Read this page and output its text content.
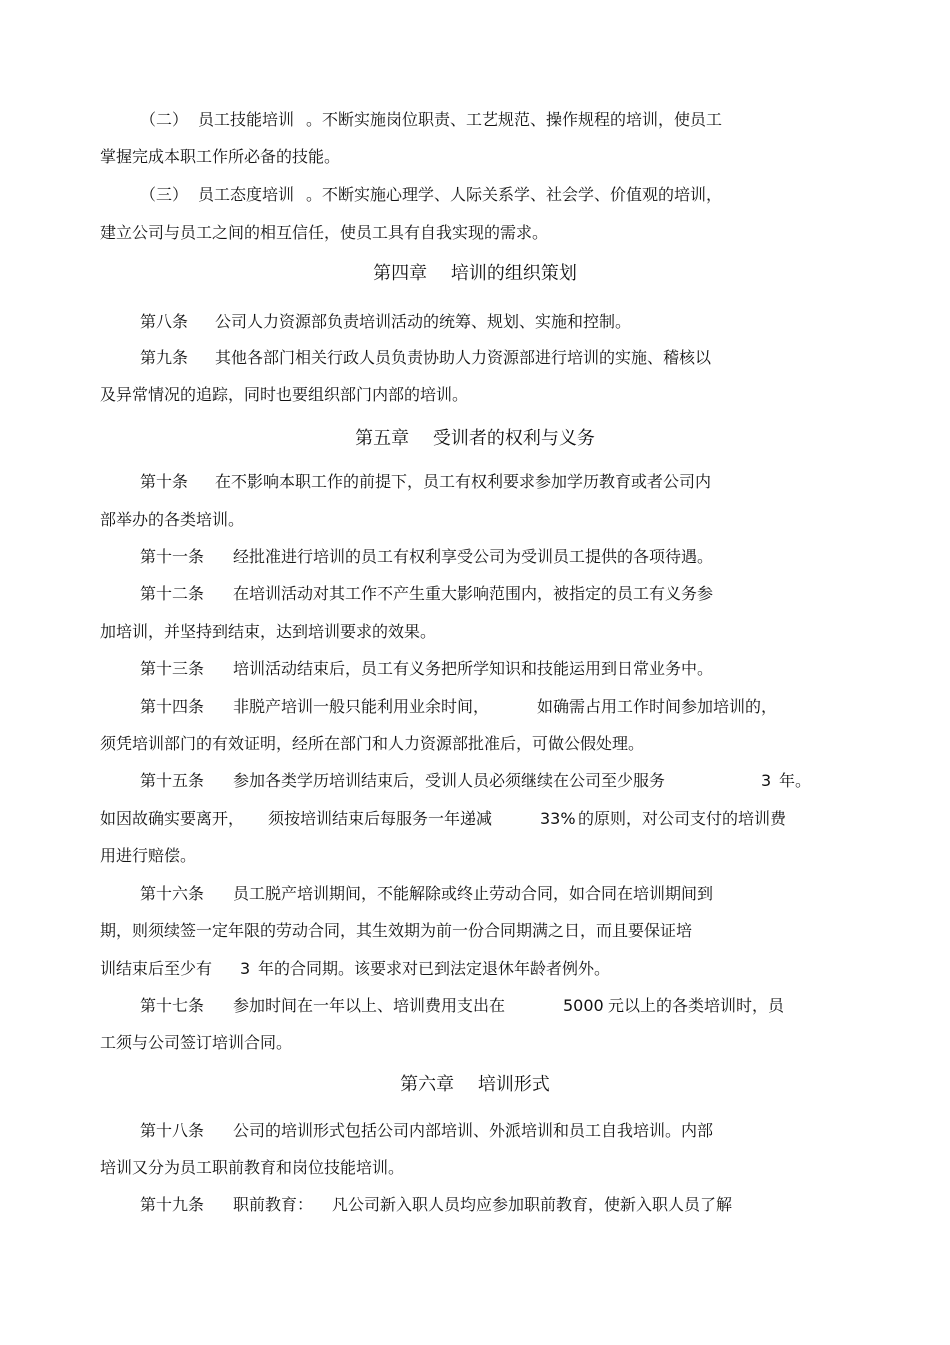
（二） 员工技能培训 。不断实施岗位职责、工艺规范、操作规程的培训，使员工
掌握完成本职工作所必备的技能。
（三） 员工态度培训 。不断实施心理学、人际关系学、社会学、价值观的培训，
建立公司与员工之间的相互信任，使员工具有自我实现的需求。
第四章　 培训的组织策划
第八条 公司人力资源部负责培训活动的统筹、规划、实施和控制。
第九条 其他各部门相关行政人员负责协助人力资源部进行培训的实施、稽核以
及异常情况的追踪，同时也要组织部门内部的培训。
第五章　 受训者的权利与义务
第十条 在不影响本职工作的前提下，员工有权利要求参加学历教育或者公司内
部举办的各类培训。
第十一条 经批准进行培训的员工有权利享受公司为受训员工提供的各项待遇。
第十二条 在培训活动对其工作不产生重大影响范围内，被指定的员工有义务参
加培训，并坚持到结束，达到培训要求的效果。
第十三条 培训活动结束后，员工有义务把所学知识和技能运用到日常业务中。
第十四条 非脱产培训一般只能利用业余时间，	如确需占用工作时间参加培训的，
须凭培训部门的有效证明，经所在部门和人力资源部批准后，可做公假处理。
第十五条 参加各类学历培训结束后，受训人员必须继续在公司至少服务	3 年。
如因故确实要离开， 须按培训结束后每服务一年递减	33% 的原则，对公司支付的培训费
用进行赔偿。
第十六条 员工脱产培训期间，不能解除或终止劳动合同，如合同在培训期间到
期，则须续签一定年限的劳动合同，其生效期为前一份合同期满之日，而且要保证培
训结束后至少有 3 年的合同期。该要求对已到法定退休年龄者例外。
第十七条 参加时间在一年以上、培训费用支出在	5000 元以上的各类培训时，员
工须与公司签订培训合同。
第六章　 培训形式
第十八条 公司的培训形式包括公司内部培训、外派培训和员工自我培训。内部
培训又分为员工职前教育和岗位技能培训。
第十九条 职前教育： 凡公司新入职人员均应参加职前教育，使新入职人员了解
